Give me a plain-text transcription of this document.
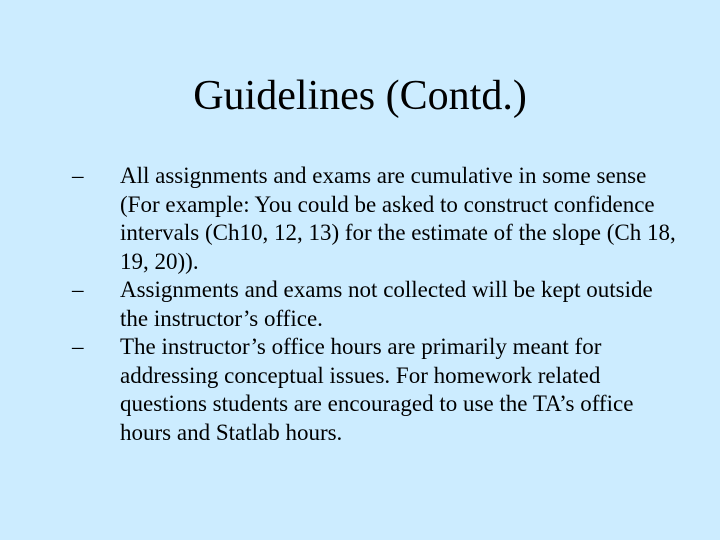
Guidelines (Contd.)
– All assignments and exams are cumulative in some sense (For example: You could be asked to construct confidence intervals (Ch10, 12, 13) for the estimate of the slope (Ch 18, 19, 20)).
– Assignments and exams not collected will be kept outside the instructor’s office.
– The instructor’s office hours are primarily meant for addressing conceptual issues. For homework related questions students are encouraged to use the TA’s office hours and Statlab hours.
